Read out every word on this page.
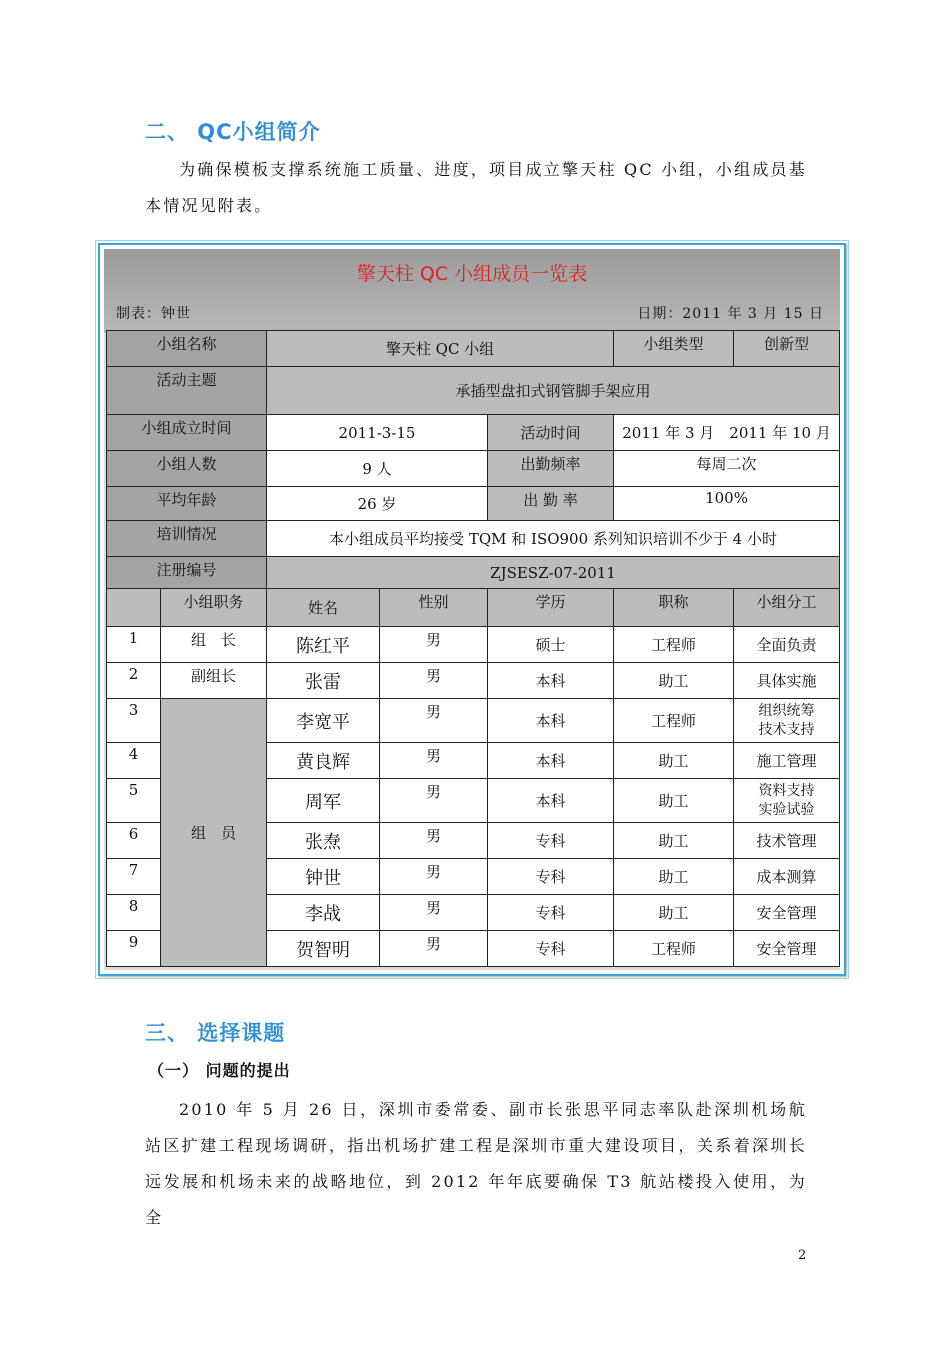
二、 QC小组简介
为确保模板支撑系统施工质量、进度，项目成立擎天柱 QC 小组，小组成员基本情况见附表。
擎天柱 QC 小组成员一览表
制表：钟世	日期：2011 年 3 月 15 日
小组名称		擎天柱 QC 小组			小组类型	创新型
活动主题		承插型盘扣式钢管脚手架应用				
小组成立时间		2011-3-15		活动时间	2011 年 3 月　2011 年 10 月	
小组人数		9 人		出勤频率	每周二次	
平均年龄		26 岁		出 勤 率	100%	
培训情况		本小组成员平均接受 TQM 和 ISO900 系列知识培训不少于 4 小时				
注册编号		ZJSESZ-07-2011				
	小组职务	姓名	性别	学历	职称	小组分工
1	组　长	陈红平	男	硕士	工程师	全面负责
2	副组长	张雷	男	本科	助工	具体实施
3	组　员	李宽平	男	本科	工程师	组织统筹
技术支持
4		黄良辉	男	本科	助工	施工管理
5		周军	男	本科	助工	资料支持
实验试验
6		张焘	男	专科	助工	技术管理
7		钟世	男	专科	助工	成本测算
8		李战	男	专科	助工	安全管理
9		贺智明	男	专科	工程师	安全管理
三、 选择课题
（一） 问题的提出
2010 年 5 月 26 日，深圳市委常委、副市长张思平同志率队赴深圳机场航站区扩建工程现场调研，指出机场扩建工程是深圳市重大建设项目，关系着深圳长远发展和机场未来的战略地位，到 2012 年年底要确保 T3 航站楼投入使用，为全
2
